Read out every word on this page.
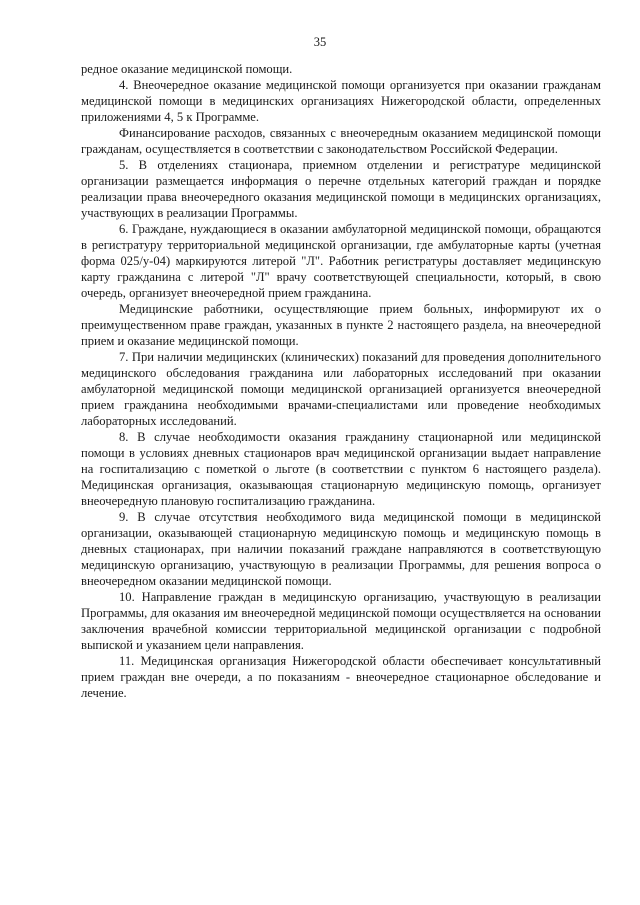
35

редное оказание медицинской помощи.

4. Внеочередное оказание медицинской помощи организуется при оказании гражданам медицинской помощи в медицинских организациях Нижегородской области, определенных приложениями 4, 5 к Программе.

Финансирование расходов, связанных с внеочередным оказанием медицинской помощи гражданам, осуществляется в соответствии с законодательством Российской Федерации.

5. В отделениях стационара, приемном отделении и регистратуре медицинской организации размещается информация о перечне отдельных категорий граждан и порядке реализации права внеочередного оказания медицинской помощи в медицинских организациях, участвующих в реализации Программы.

6. Граждане, нуждающиеся в оказании амбулаторной медицинской помощи, обращаются в регистратуру территориальной медицинской организации, где амбулаторные карты (учетная форма 025/у-04) маркируются литерой "Л". Работник регистратуры доставляет медицинскую карту гражданина с литерой "Л" врачу соответствующей специальности, который, в свою очередь, организует внеочередной прием гражданина.

Медицинские работники, осуществляющие прием больных, информируют их о преимущественном праве граждан, указанных в пункте 2 настоящего раздела, на внеочередной прием и оказание медицинской помощи.

7. При наличии медицинских (клинических) показаний для проведения дополнительного медицинского обследования гражданина или лабораторных исследований при оказании амбулаторной медицинской помощи медицинской организацией организуется внеочередной прием гражданина необходимыми врачами-специалистами или проведение необходимых лабораторных исследований.

8. В случае необходимости оказания гражданину стационарной или медицинской помощи в условиях дневных стационаров врач медицинской организации выдает направление на госпитализацию с пометкой о льготе (в соответствии с пунктом 6 настоящего раздела). Медицинская организация, оказывающая стационарную медицинскую помощь, организует внеочередную плановую госпитализацию гражданина.

9. В случае отсутствия необходимого вида медицинской помощи в медицинской организации, оказывающей стационарную медицинскую помощь и медицинскую помощь в дневных стационарах, при наличии показаний граждане направляются в соответствующую медицинскую организацию, участвующую в реализации Программы, для решения вопроса о внеочередном оказании медицинской помощи.

10. Направление граждан в медицинскую организацию, участвующую в реализации Программы, для оказания им внеочередной медицинской помощи осуществляется на основании заключения врачебной комиссии территориальной медицинской организации с подробной выпиской и указанием цели направления.

11. Медицинская организация Нижегородской области обеспечивает консультативный прием граждан вне очереди, а по показаниям - внеочередное стационарное обследование и лечение.
